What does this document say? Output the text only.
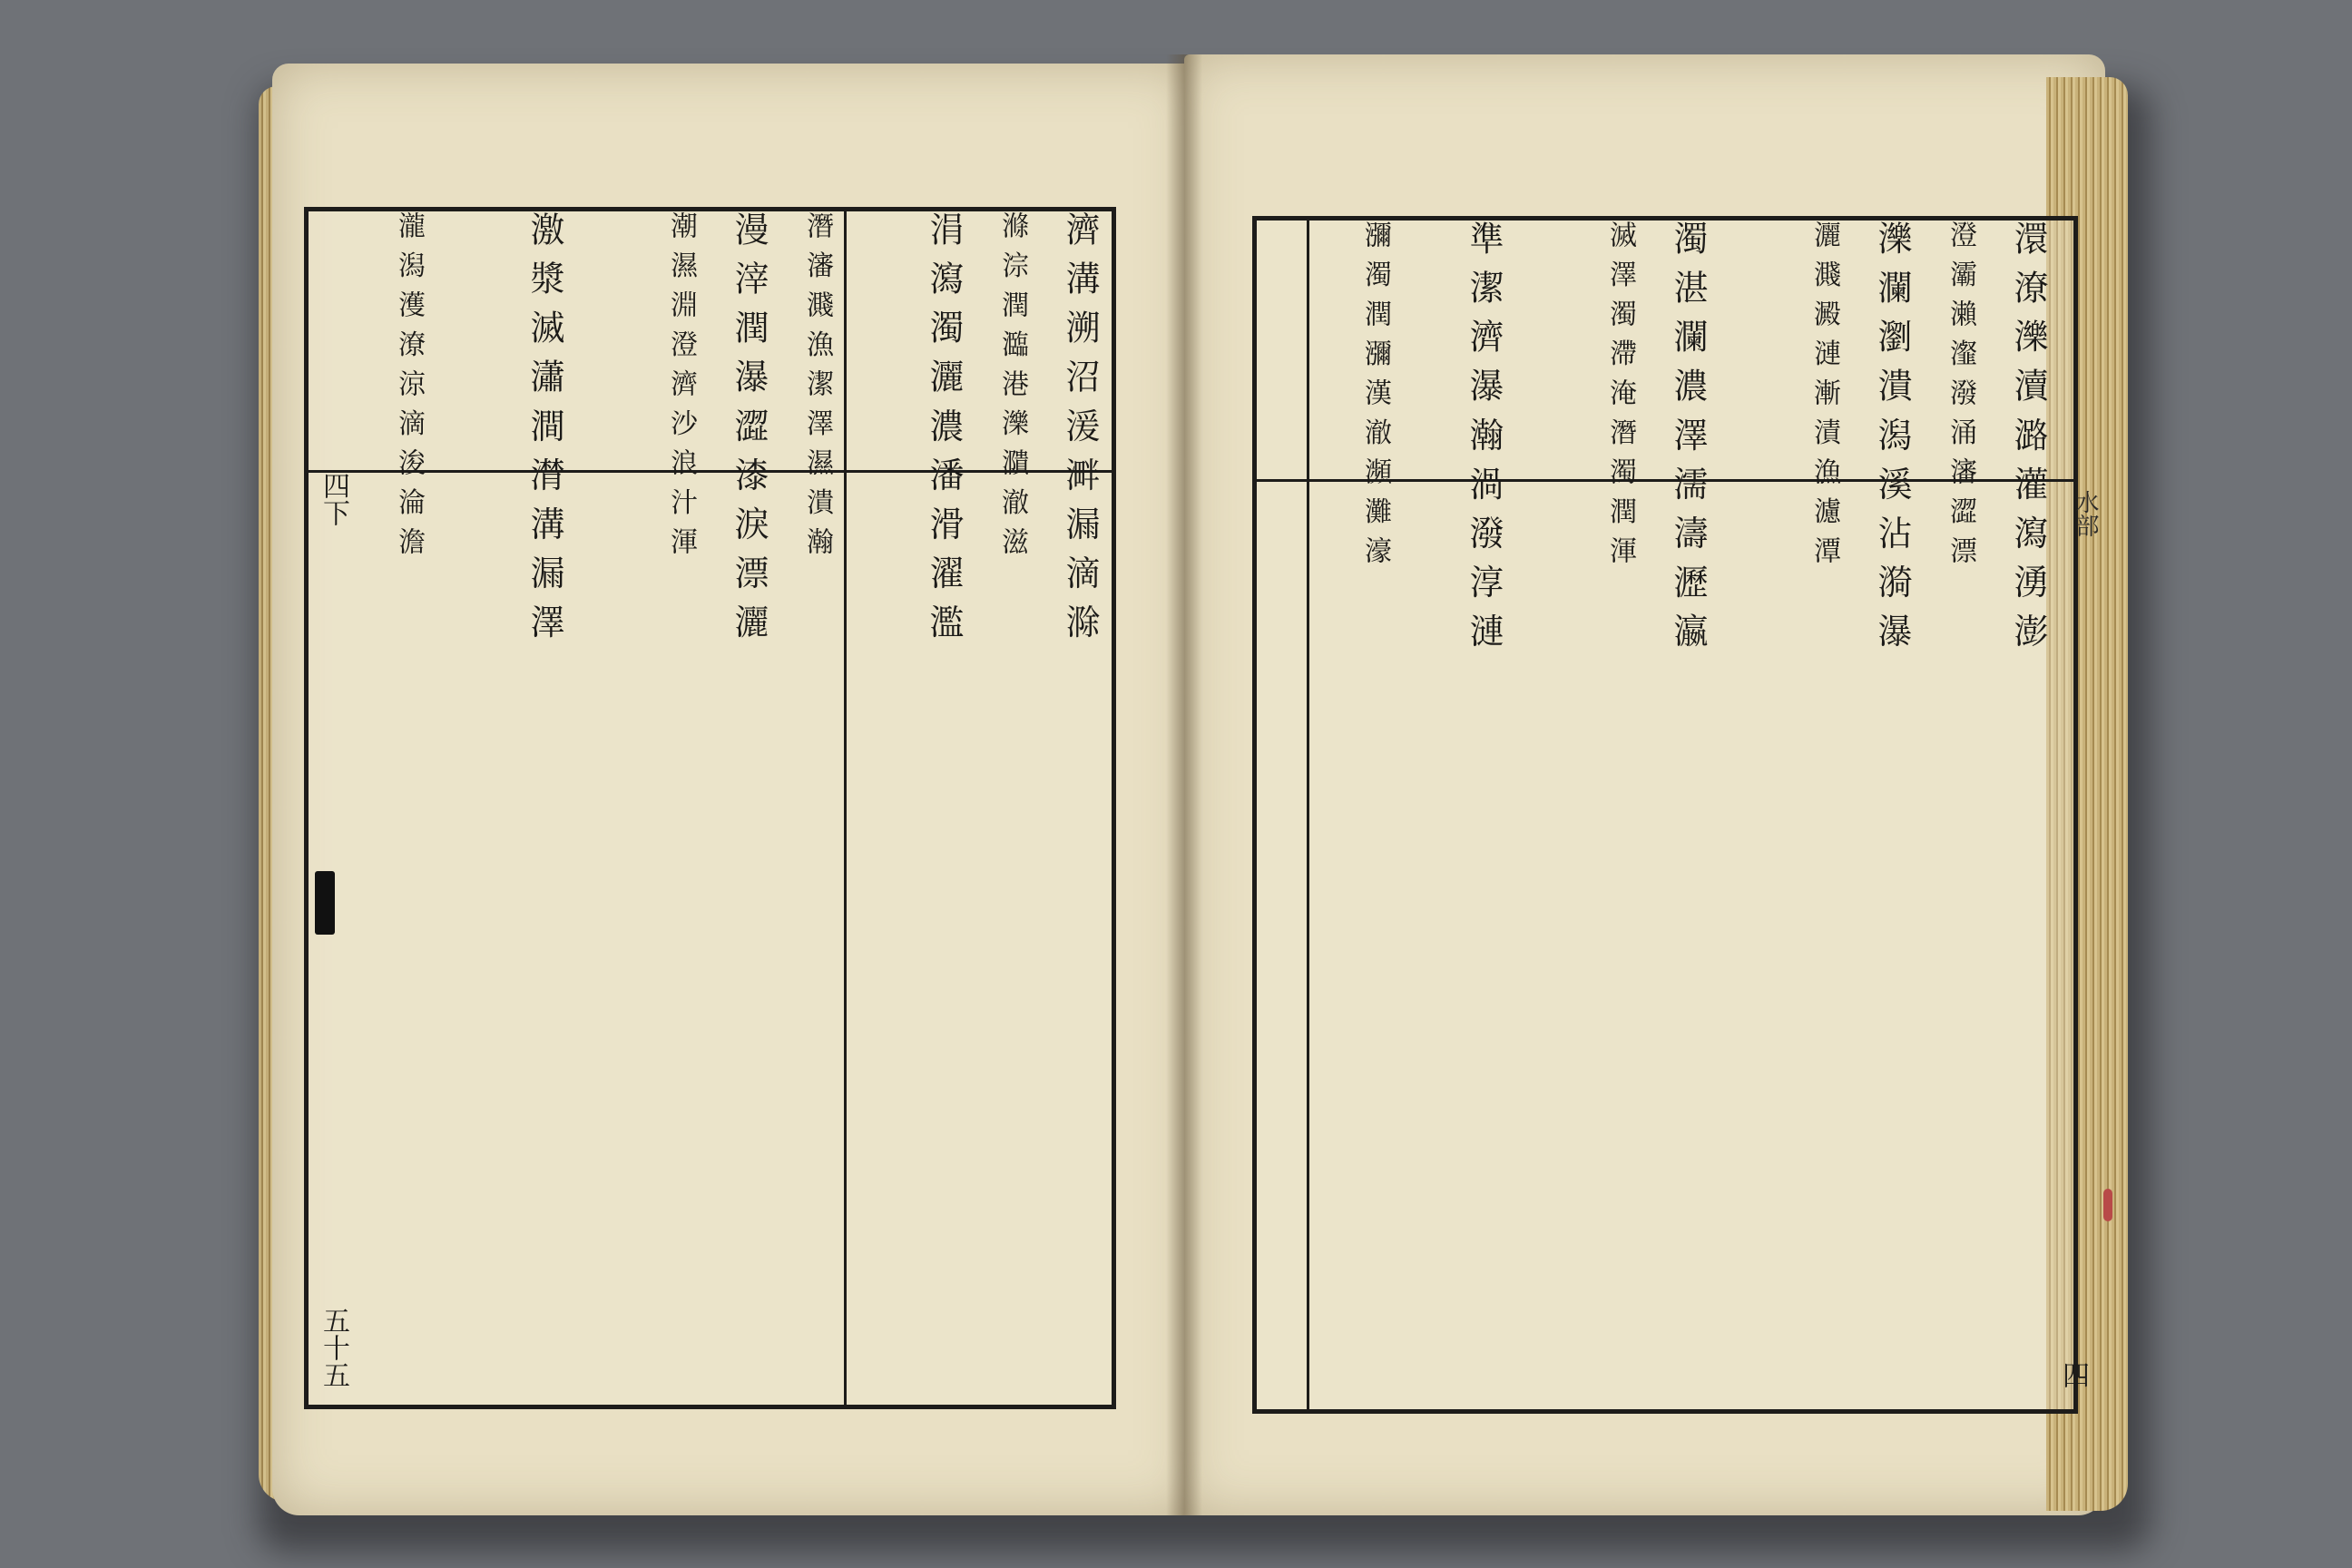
濟 溝 溯 沼 湲 溿 漏 滴 滁
滌 淙 潤 瀶 港 濼 濻 澈 滋
涓 瀉 濁 灑 濃 潘 滑 濯 濫
潛 瀋 濺 漁 潔 澤 濕 潰 瀚
漫 滓 潤 瀑 澀 漆 淚 漂 灑
潮 濕 淵 澄 濟 沙 浪 汁 渾
激 漿 滅 瀟 澗 潸 溝 漏 澤
瀧 潟 濩 潦 涼 滴 浚 淪 澹
五十五
四下	澴 潦 濼 瀆 潞 灌 瀉 湧 澎
澄 灞 瀨 瀣 潑 涌 瀋 澀 漂
濼 瀾 瀏 潰 潟 溪 沾 漪 瀑
灑 濺 澱 漣 漸 漬 漁 濾 潭
濁 湛 瀾 濃 澤 濡 濤 瀝 瀛
滅 澤 濁 滯 淹 潛 濁 潤 渾
準 潔 濟 瀑 瀚 渦 潑 淳 漣
瀰 濁 潤 瀰 漢 澈 瀕 灘 濠
四
水部
